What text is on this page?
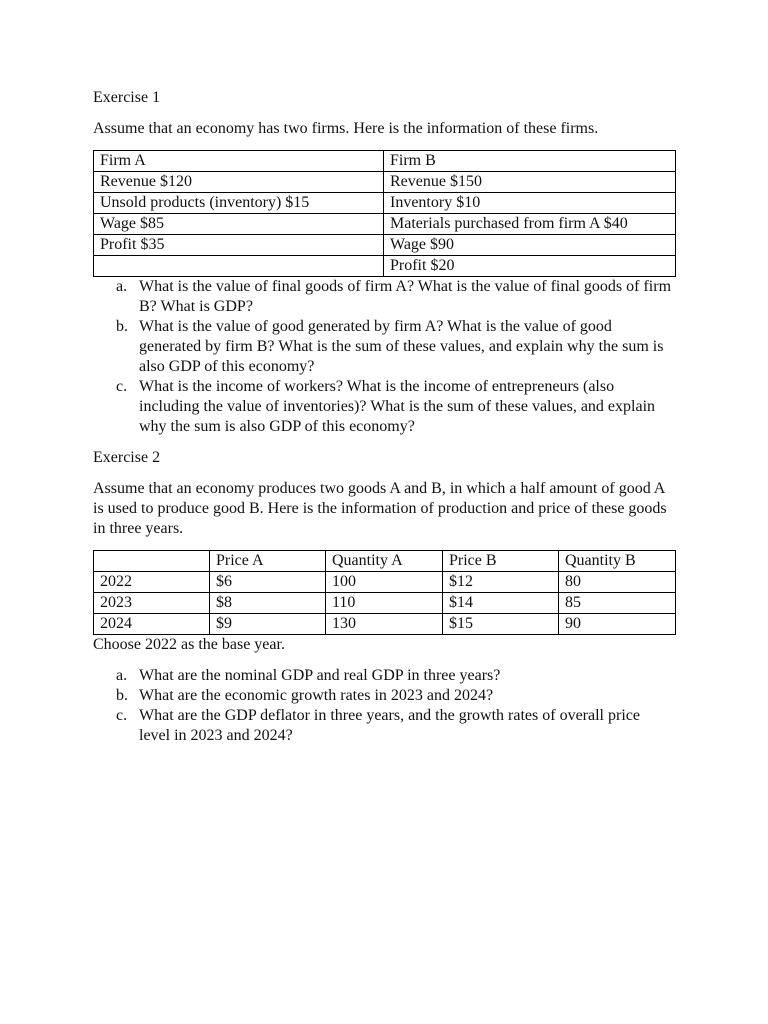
Exercise 1

Assume that an economy has two firms. Here is the information of these firms.

Firm A	Firm B
Revenue $120	Revenue $150
Unsold products (inventory) $15	Inventory $10
Wage $85	Materials purchased from firm A $40
Profit $35	Wage $90
	Profit $20
a. What is the value of final goods of firm A? What is the value of final goods of firm B? What is GDP?
b. What is the value of good generated by firm A? What is the value of good generated by firm B? What is the sum of these values, and explain why the sum is also GDP of this economy?
c. What is the income of workers? What is the income of entrepreneurs (also including the value of inventories)? What is the sum of these values, and explain why the sum is also GDP of this economy?

Exercise 2

Assume that an economy produces two goods A and B, in which a half amount of good A is used to produce good B. Here is the information of production and price of these goods in three years.

	Price A	Quantity A	Price B	Quantity B
2022	$6	100	$12	80
2023	$8	110	$14	85
2024	$9	130	$15	90

Choose 2022 as the base year.

a. What are the nominal GDP and real GDP in three years?
b. What are the economic growth rates in 2023 and 2024?
c. What are the GDP deflator in three years, and the growth rates of overall price level in 2023 and 2024?
